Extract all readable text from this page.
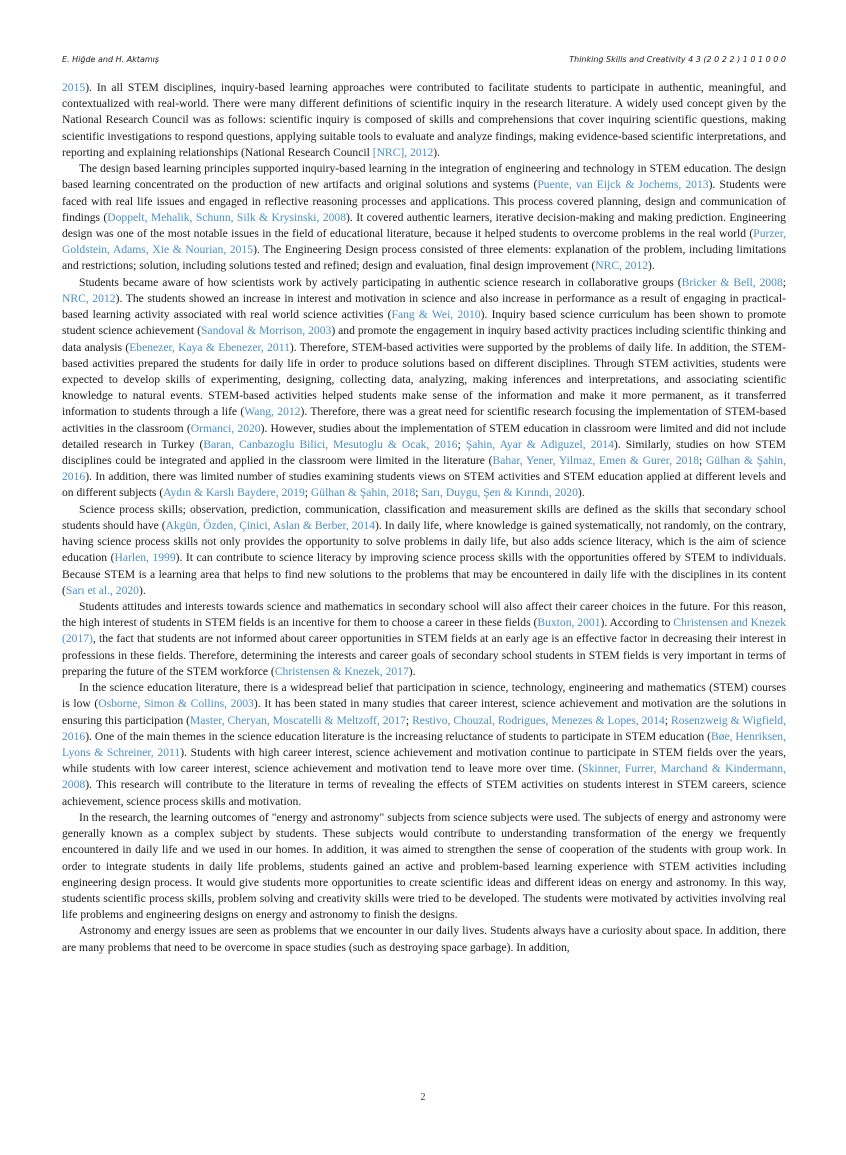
E. Hiğde and H. Aktamış	Thinking Skills and Creativity 4 3 (2 0 2 2 ) 1 0 1 0 0 0

2015). In all STEM disciplines, inquiry-based learning approaches were contributed to facilitate students to participate in authentic, meaningful, and contextualized with real-world. There were many different definitions of scientific inquiry in the research literature. A widely used concept given by the National Research Council was as follows: scientific inquiry is composed of skills and comprehensions that cover inquiring scientific questions, making scientific investigations to respond questions, applying suitable tools to evaluate and analyze findings, making evidence-based scientific interpretations, and reporting and explaining relationships (National Research Council [NRC], 2012).

The design based learning principles supported inquiry-based learning in the integration of engineering and technology in STEM education. The design based learning concentrated on the production of new artifacts and original solutions and systems (Puente, van Eijck & Jochems, 2013). Students were faced with real life issues and engaged in reflective reasoning processes and applications. This process covered planning, design and communication of findings (Doppelt, Mehalik, Schunn, Silk & Krysinski, 2008). It covered authentic learners, iterative decision-making and making prediction. Engineering design was one of the most notable issues in the field of educational literature, because it helped students to overcome problems in the real world (Purzer, Goldstein, Adams, Xie & Nourian, 2015). The Engineering Design process consisted of three elements: explanation of the problem, including limitations and restrictions; solution, including solutions tested and refined; design and evaluation, final design improvement (NRC, 2012).

Students became aware of how scientists work by actively participating in authentic science research in collaborative groups (Bricker & Bell, 2008; NRC, 2012). The students showed an increase in interest and motivation in science and also increase in performance as a result of engaging in practical-based learning activity associated with real world science activities (Fang & Wei, 2010). Inquiry based science curriculum has been shown to promote student science achievement (Sandoval & Morrison, 2003) and promote the engagement in inquiry based activity practices including scientific thinking and data analysis (Ebenezer, Kaya & Ebenezer, 2011). Therefore, STEM-based activities were supported by the problems of daily life. In addition, the STEM-based activities prepared the students for daily life in order to produce solutions based on different disciplines. Through STEM activities, students were expected to develop skills of experimenting, designing, collecting data, analyzing, making inferences and interpretations, and associating scientific knowledge to natural events. STEM-based activities helped students make sense of the information and make it more permanent, as it transferred information to students through a life (Wang, 2012). Therefore, there was a great need for scientific research focusing the implementation of STEM-based activities in the classroom (Ormanci, 2020). However, studies about the implementation of STEM education in classroom were limited and did not include detailed research in Turkey (Baran, Canbazoglu Bilici, Mesutoglu & Ocak, 2016; Şahin, Ayar & Adiguzel, 2014). Similarly, studies on how STEM disciplines could be integrated and applied in the classroom were limited in the literature (Bahar, Yener, Yilmaz, Emen & Gurer, 2018; Gülhan & Şahin, 2016). In addition, there was limited number of studies examining students views on STEM activities and STEM education applied at different levels and on different subjects (Aydın & Karslı Baydere, 2019; Gülhan & Şahin, 2018; Sarı, Duygu, Şen & Kırındı, 2020).

Science process skills; observation, prediction, communication, classification and measurement skills are defined as the skills that secondary school students should have (Akgün, Özden, Çinici, Aslan & Berber, 2014). In daily life, where knowledge is gained systematically, not randomly, on the contrary, having science process skills not only provides the opportunity to solve problems in daily life, but also adds science literacy, which is the aim of science education (Harlen, 1999). It can contribute to science literacy by improving science process skills with the opportunities offered by STEM to individuals. Because STEM is a learning area that helps to find new solutions to the problems that may be encountered in daily life with the disciplines in its content (Sarı et al., 2020).

Students attitudes and interests towards science and mathematics in secondary school will also affect their career choices in the future. For this reason, the high interest of students in STEM fields is an incentive for them to choose a career in these fields (Buxton, 2001). According to Christensen and Knezek (2017), the fact that students are not informed about career opportunities in STEM fields at an early age is an effective factor in decreasing their interest in professions in these fields. Therefore, determining the interests and career goals of secondary school students in STEM fields is very important in terms of preparing the future of the STEM workforce (Christensen & Knezek, 2017).

In the science education literature, there is a widespread belief that participation in science, technology, engineering and mathematics (STEM) courses is low (Osborne, Simon & Collins, 2003). It has been stated in many studies that career interest, science achievement and motivation are the solutions in ensuring this participation (Master, Cheryan, Moscatelli & Meltzoff, 2017; Restivo, Chouzal, Rodrigues, Menezes & Lopes, 2014; Rosenzweig & Wigfield, 2016). One of the main themes in the science education literature is the increasing reluctance of students to participate in STEM education (Bøe, Henriksen, Lyons & Schreiner, 2011). Students with high career interest, science achievement and motivation continue to participate in STEM fields over the years, while students with low career interest, science achievement and motivation tend to leave more over time. (Skinner, Furrer, Marchand & Kindermann, 2008). This research will contribute to the literature in terms of revealing the effects of STEM activities on students interest in STEM careers, science achievement, science process skills and motivation.

In the research, the learning outcomes of "energy and astronomy" subjects from science subjects were used. The subjects of energy and astronomy were generally known as a complex subject by students. These subjects would contribute to understanding transformation of the energy we frequently encountered in daily life and we used in our homes. In addition, it was aimed to strengthen the sense of cooperation of the students with group work. In order to integrate students in daily life problems, students gained an active and problem-based learning experience with STEM activities including engineering design process. It would give students more opportunities to create scientific ideas and different ideas on energy and astronomy. In this way, students scientific process skills, problem solving and creativity skills were tried to be developed. The students were motivated by activities involving real life problems and engineering designs on energy and astronomy to finish the designs.

Astronomy and energy issues are seen as problems that we encounter in our daily lives. Students always have a curiosity about space. In addition, there are many problems that need to be overcome in space studies (such as destroying space garbage). In addition,

2
